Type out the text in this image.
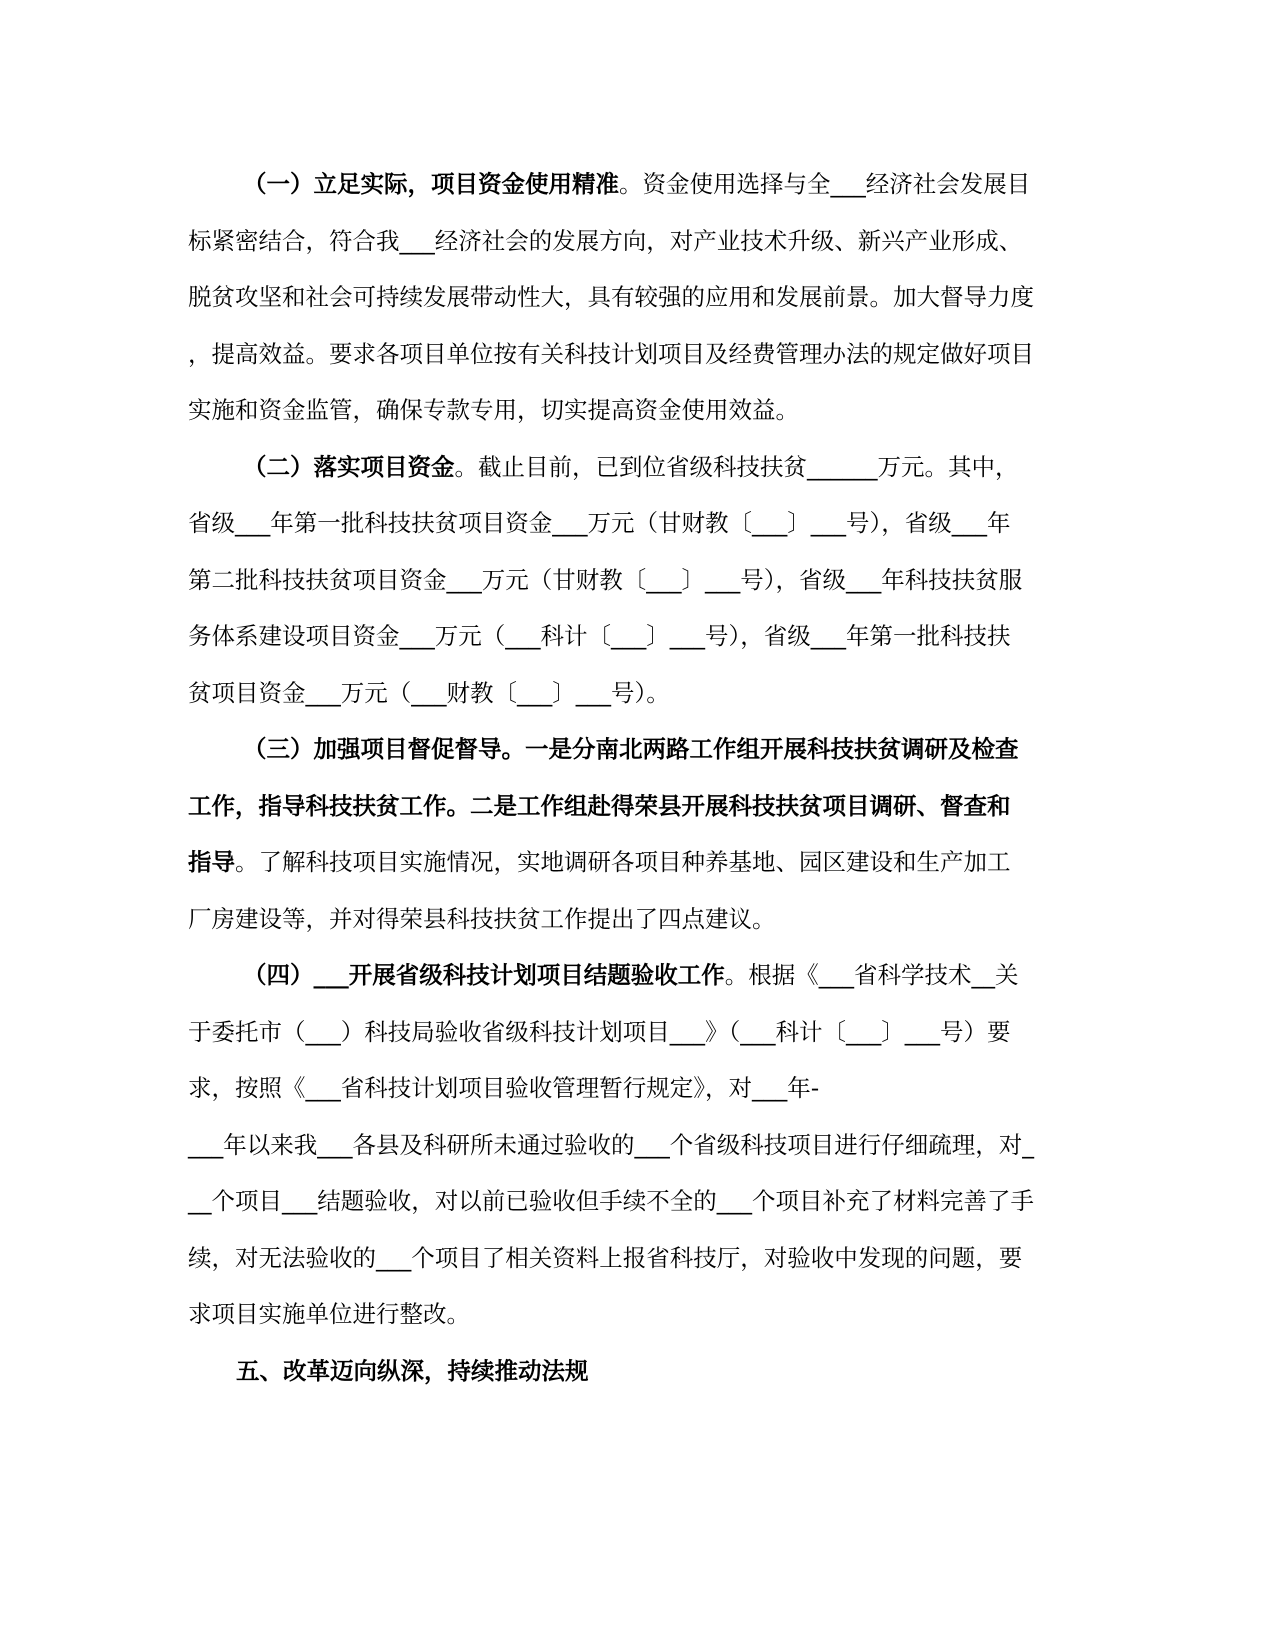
（一）立足实际，项目资金使用精准。资金使用选择与全___经济社会发展目
标紧密结合，符合我___经济社会的发展方向，对产业技术升级、新兴产业形成、
脱贫攻坚和社会可持续发展带动性大，具有较强的应用和发展前景。加大督导力度
，提高效益。要求各项目单位按有关科技计划项目及经费管理办法的规定做好项目
实施和资金监管，确保专款专用，切实提高资金使用效益。
（二）落实项目资金。截止目前，已到位省级科技扶贫______万元。其中，
省级___年第一批科技扶贫项目资金___万元（甘财教〔___〕___号），省级___年
第二批科技扶贫项目资金___万元（甘财教〔___〕___号），省级___年科技扶贫服
务体系建设项目资金___万元（___科计〔___〕___号），省级___年第一批科技扶
贫项目资金___万元（___财教〔___〕___号）。
（三）加强项目督促督导。一是分南北两路工作组开展科技扶贫调研及检查
工作，指导科技扶贫工作。二是工作组赴得荣县开展科技扶贫项目调研、督查和
指导。了解科技项目实施情况，实地调研各项目种养基地、园区建设和生产加工
厂房建设等，并对得荣县科技扶贫工作提出了四点建议。
（四）___开展省级科技计划项目结题验收工作。根据《___省科学技术__关
于委托市（___）科技局验收省级科技计划项目___》（___科计〔___〕___号）要
求，按照《___省科技计划项目验收管理暂行规定》，对___年-
___年以来我___各县及科研所未通过验收的___个省级科技项目进行仔细疏理，对_
__个项目___结题验收，对以前已验收但手续不全的___个项目补充了材料完善了手
续，对无法验收的___个项目了相关资料上报省科技厅，对验收中发现的问题，要
求项目实施单位进行整改。
五、改革迈向纵深，持续推动法规
